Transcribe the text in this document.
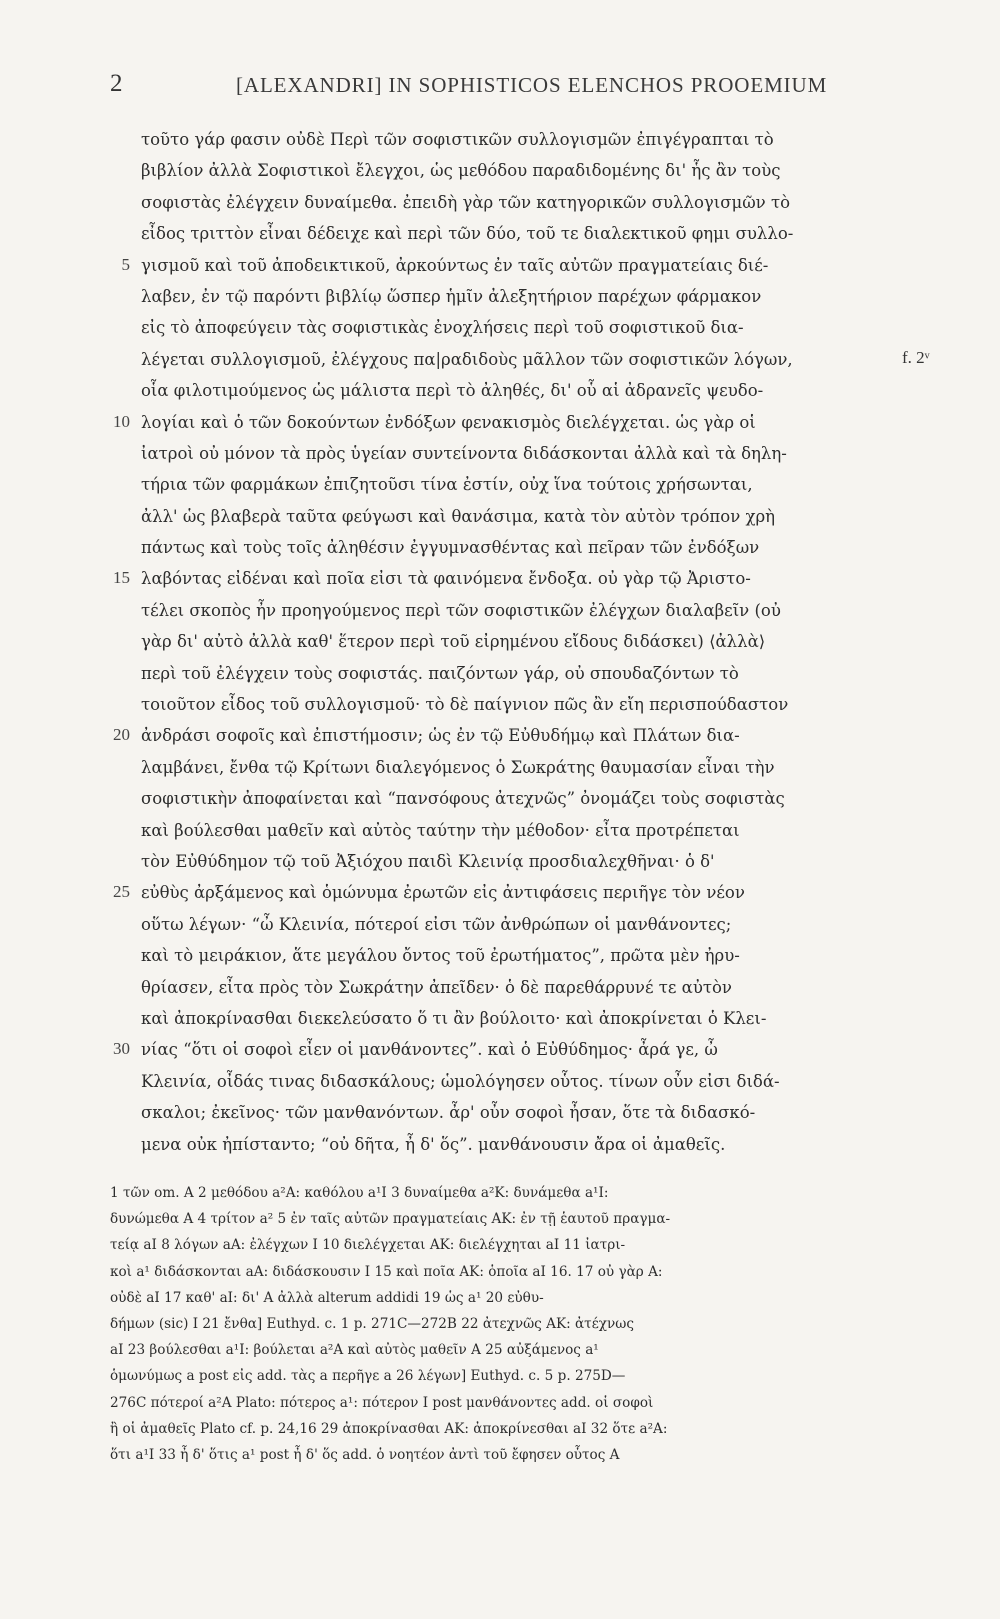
2	[ALEXANDRI] IN SOPHISTICOS ELENCHOS PROOEMIUM
τοῦτο γάρ φασιν οὐδὲ Περὶ τῶν σοφιστικῶν συλλογισμῶν ἐπιγέγραπται τὸ
βιβλίον ἀλλὰ Σοφιστικοὶ ἔλεγχοι, ὡς μεθόδου παραδιδομένης δι' ἧς ἂν τοὺς
σοφιστὰς ἐλέγχειν δυναίμεθα. ἐπειδὴ γὰρ τῶν κατηγορικῶν συλλογισμῶν τὸ
εἶδος τριττὸν εἶναι δέδειχε καὶ περὶ τῶν δύο, τοῦ τε διαλεκτικοῦ φημι συλλο-
5 γισμοῦ καὶ τοῦ ἀποδεικτικοῦ, ἀρκούντως ἐν ταῖς αὐτῶν πραγματείαις διέ-
λαβεν, ἐν τῷ παρόντι βιβλίῳ ὥσπερ ἡμῖν ἀλεξητήριον παρέχων φάρμακον
εἰς τὸ ἀποφεύγειν τὰς σοφιστικὰς ἐνοχλήσεις περὶ τοῦ σοφιστικοῦ δια-
λέγεται συλλογισμοῦ, ἐλέγχους πα|ραδιδοὺς μᾶλλον τῶν σοφιστικῶν λόγων,	f. 2ᵛ
οἷα φιλοτιμούμενος ὡς μάλιστα περὶ τὸ ἀληθές, δι' οὗ αἱ ἀδρανεῖς ψευδο-
10 λογίαι καὶ ὁ τῶν δοκούντων ἐνδόξων φενακισμὸς διελέγχεται. ὡς γὰρ οἱ
ἰατροὶ οὐ μόνον τὰ πρὸς ὑγείαν συντείνοντα διδάσκονται ἀλλὰ καὶ τὰ δηλη-
τήρια τῶν φαρμάκων ἐπιζητοῦσι τίνα ἐστίν, οὐχ ἵνα τούτοις χρήσωνται,
ἀλλ' ὡς βλαβερὰ ταῦτα φεύγωσι καὶ θανάσιμα, κατὰ τὸν αὐτὸν τρόπον χρὴ
πάντως καὶ τοὺς τοῖς ἀληθέσιν ἐγγυμνασθέντας καὶ πεῖραν τῶν ἐνδόξων
15 λαβόντας εἰδέναι καὶ ποῖα εἰσι τὰ φαινόμενα ἔνδοξα. οὐ γὰρ τῷ Ἀριστο-
τέλει σκοπὸς ἦν προηγούμενος περὶ τῶν σοφιστικῶν ἐλέγχων διαλαβεῖν (οὐ
γὰρ δι' αὐτὸ ἀλλὰ καθ' ἕτερον περὶ τοῦ εἰρημένου εἴδους διδάσκει) ⟨ἀλλὰ⟩
περὶ τοῦ ἐλέγχειν τοὺς σοφιστάς. παιζόντων γάρ, οὐ σπουδαζόντων τὸ
τοιοῦτον εἶδος τοῦ συλλογισμοῦ· τὸ δὲ παίγνιον πῶς ἂν εἴη περισπούδαστον
20 ἀνδράσι σοφοῖς καὶ ἐπιστήμοσιν; ὡς ἐν τῷ Εὐθυδήμῳ καὶ Πλάτων δια-
λαμβάνει, ἔνθα τῷ Κρίτωνι διαλεγόμενος ὁ Σωκράτης θαυμασίαν εἶναι τὴν
σοφιστικὴν ἀποφαίνεται καὶ “πανσόφους ἀτεχνῶς” ὀνομάζει τοὺς σοφιστὰς
καὶ βούλεσθαι μαθεῖν καὶ αὐτὸς ταύτην τὴν μέθοδον· εἶτα προτρέπεται
τὸν Εὐθύδημον τῷ τοῦ Ἀξιόχου παιδὶ Κλεινίᾳ προσδιαλεχθῆναι· ὁ δ'
25 εὐθὺς ἀρξάμενος καὶ ὁμώνυμα ἐρωτῶν εἰς ἀντιφάσεις περιῆγε τὸν νέον
οὕτω λέγων· “ὦ Κλεινία, πότεροί εἰσι τῶν ἀνθρώπων οἱ μανθάνοντες;
καὶ τὸ μειράκιον, ἅτε μεγάλου ὄντος τοῦ ἐρωτήματος”, πρῶτα μὲν ἠρυ-
θρίασεν, εἶτα πρὸς τὸν Σωκράτην ἀπεῖδεν· ὁ δὲ παρεθάρρυνέ τε αὐτὸν
καὶ ἀποκρίνασθαι διεκελεύσατο ὅ τι ἂν βούλοιτο· καὶ ἀποκρίνεται ὁ Κλει-
30 νίας “ὅτι οἱ σοφοὶ εἶεν οἱ μανθάνοντες”. καὶ ὁ Εὐθύδημος· ἆρά γε, ὦ
Κλεινία, οἶδάς τινας διδασκάλους; ὡμολόγησεν οὗτος. τίνων οὖν εἰσι διδά-
σκαλοι; ἐκεῖνος· τῶν μανθανόντων. ἆρ' οὖν σοφοὶ ἦσαν, ὅτε τὰ διδασκό-
μενα οὐκ ἠπίσταντο; “οὐ δῆτα, ἦ δ' ὅς”. μανθάνουσιν ἄρα οἱ ἀμαθεῖς.
1 τῶν om. A 2 μεθόδου a²A: καθόλου a¹I 3 δυναίμεθα a²K: δυνάμεθα a¹I:
δυνώμεθα A 4 τρίτον a² 5 ἐν ταῖς αὐτῶν πραγματείαις ΑΚ: ἐν τῇ ἑαυτοῦ πραγμα-
τείᾳ aI 8 λόγων aA: ἐλέγχων I 10 διελέγχεται ΑΚ: διελέγχηται aI 11 ἰατρι-
κοὶ a¹ διδάσκονται aA: διδάσκουσιν I 15 καὶ ποῖα ΑΚ: ὁποῖα aI 16. 17 οὐ γὰρ A:
οὐδὲ aI 17 καθ' aI: δι' A ἀλλὰ alterum addidi 19 ὡς a¹ 20 εὐθυ-
δήμων (sic) I 21 ἔνθα] Euthyd. c. 1 p. 271C—272B 22 ἀτεχνῶς AK: ἀτέχνως
aI 23 βούλεσθαι a¹I: βούλεται a²A καὶ αὐτὸς μαθεῖν A 25 αὐξάμενος a¹
ὁμωνύμως a post εἰς add. τὰς a περῆγε a 26 λέγων] Euthyd. c. 5 p. 275D—
276C πότεροί a²A Plato: πότερος a¹: πότερον I post μανθάνοντες add. οἱ σοφοὶ
ἢ οἱ ἀμαθεῖς Plato cf. p. 24,16 29 ἀποκρίνασθαι AK: ἀποκρίνεσθαι aI 32 ὅτε a²A:
ὅτι a¹I 33 ἦ δ' ὅτις a¹ post ἦ δ' ὅς add. ὁ νοητέον ἀντὶ τοῦ ἔφησεν οὗτος A
